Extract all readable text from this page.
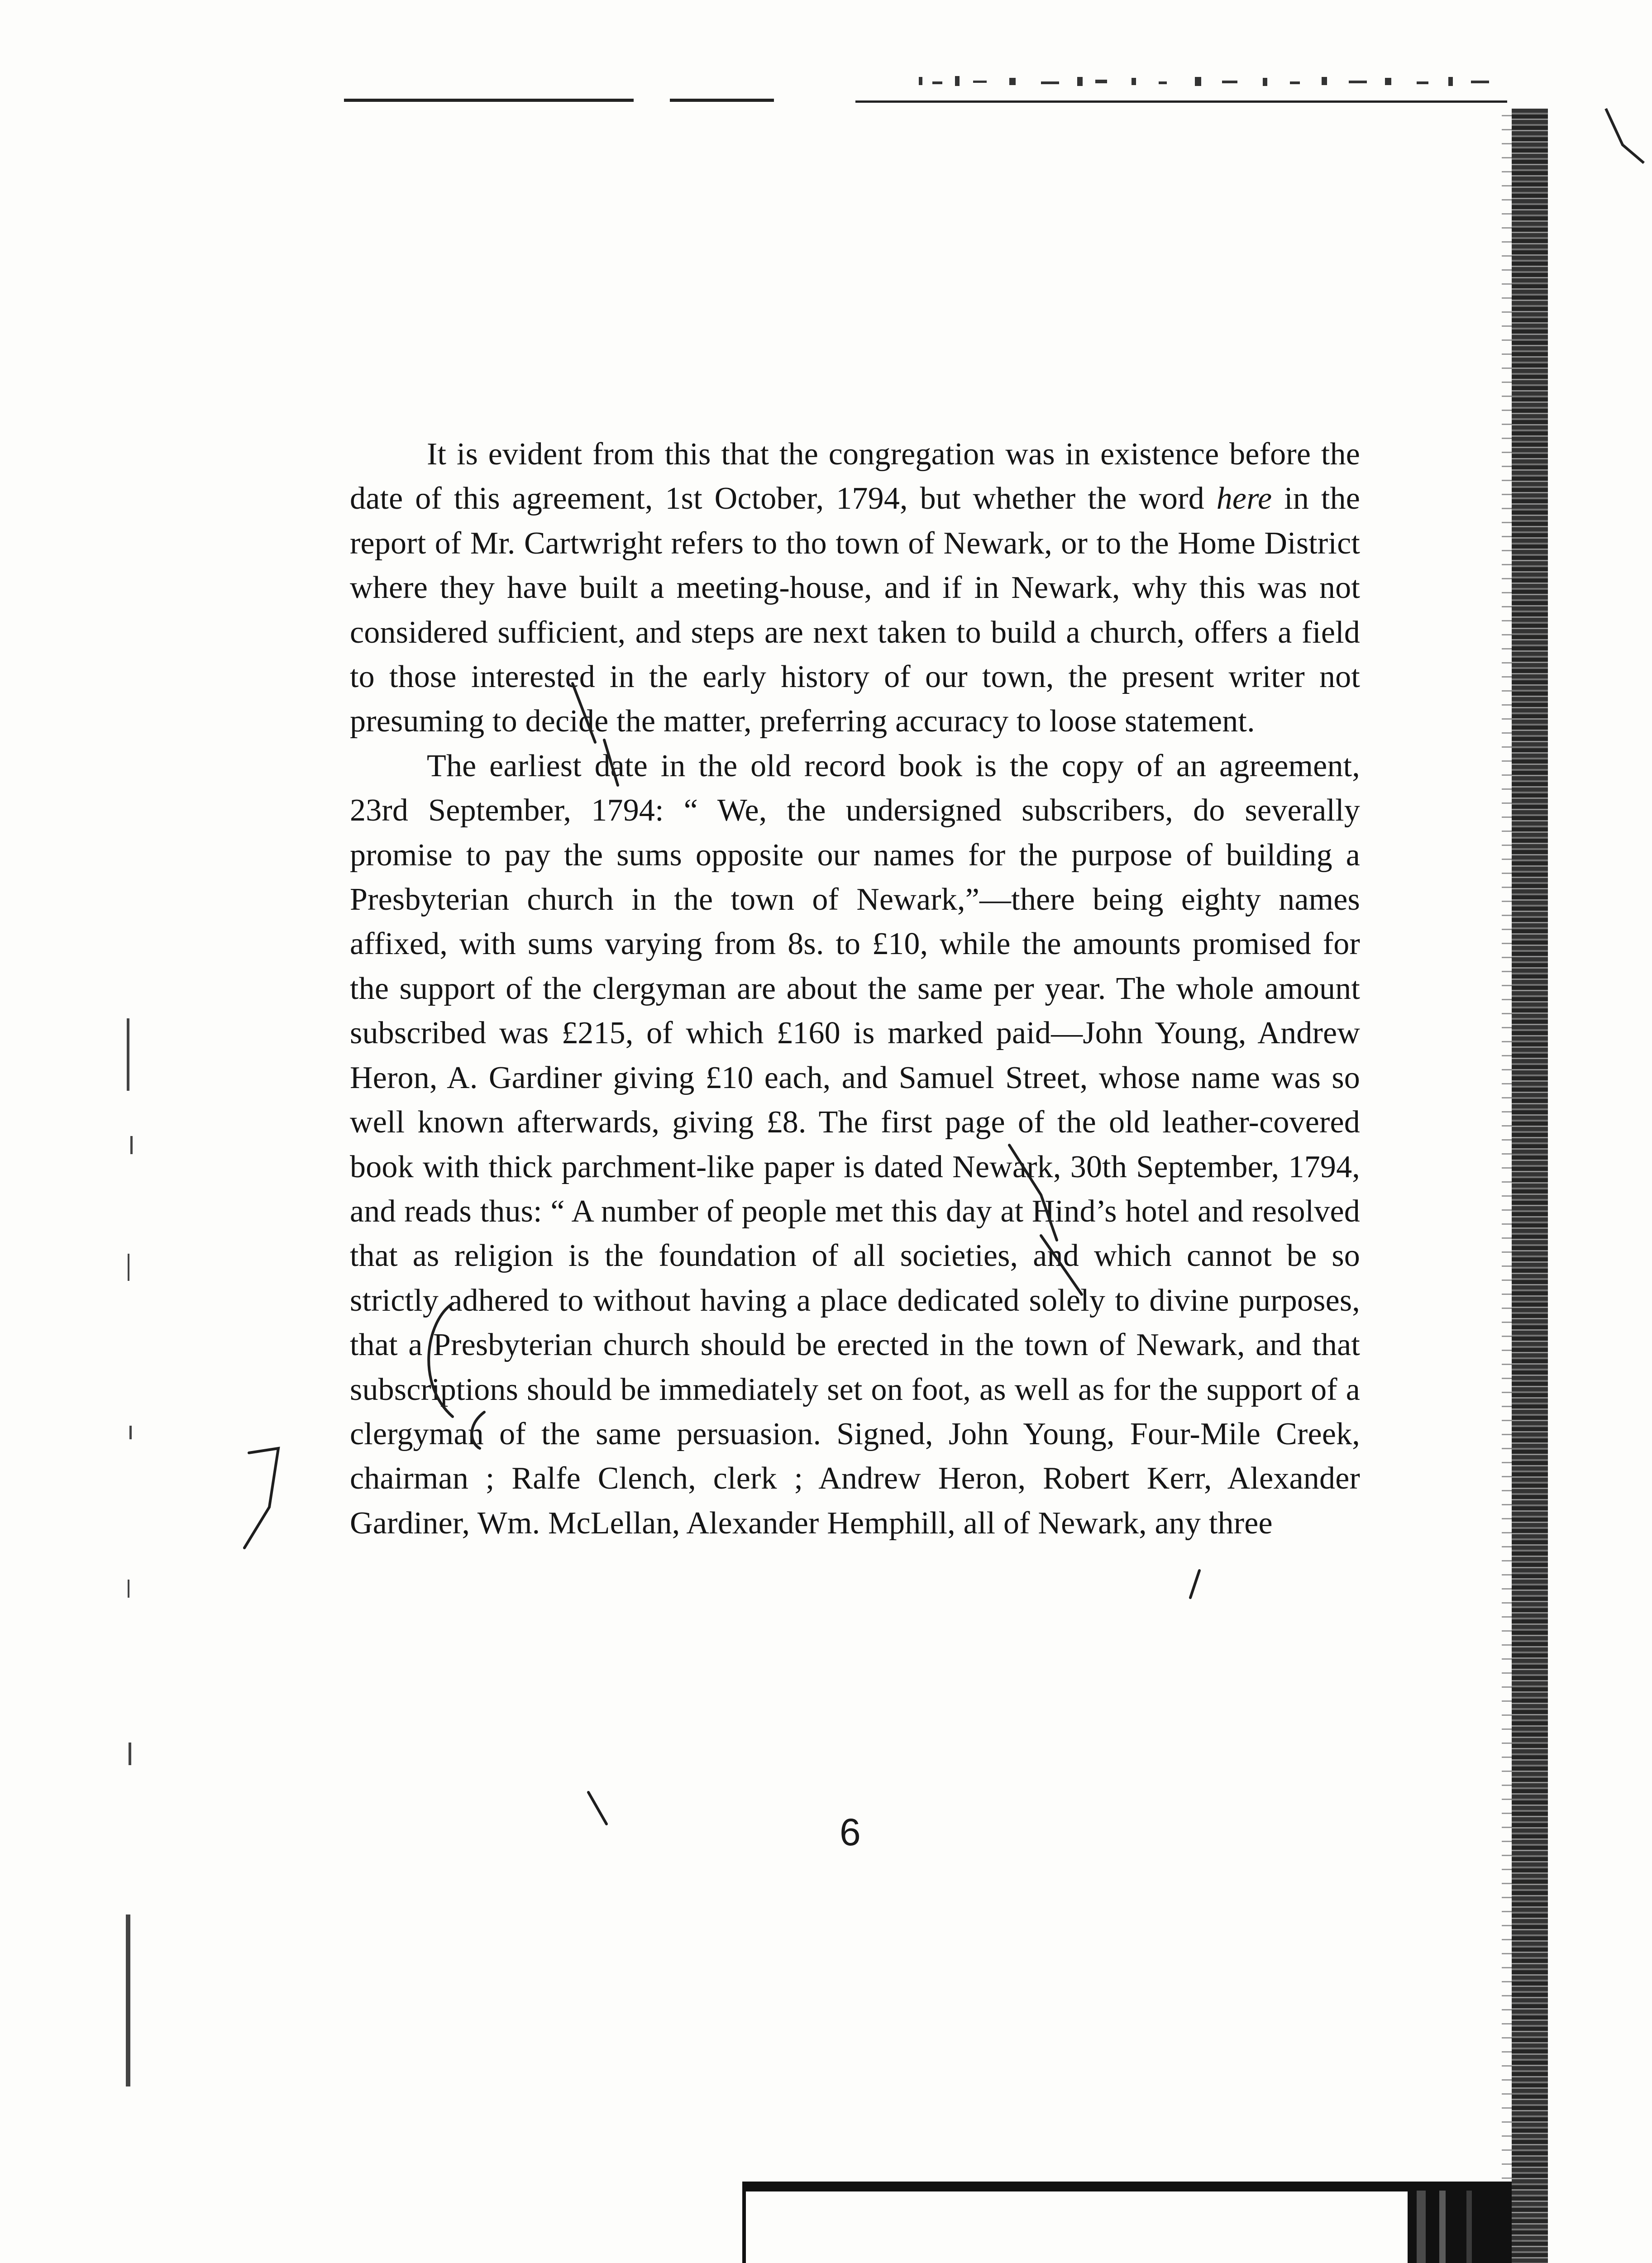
It is evident from this that the congregation was in existence before the date of this agreement, 1st October, 1794, but whether the word here in the report of Mr. Cartwright refers to tho town of Newark, or to the Home District where they have built a meeting-house, and if in Newark, why this was not considered sufficient, and steps are next taken to build a church, offers a field to those interested in the early history of our town, the present writer not presuming to decide the matter, preferring accuracy to loose statement.

The earliest date in the old record book is the copy of an agreement, 23rd September, 1794: “ We, the undersigned subscribers, do severally promise to pay the sums opposite our names for the purpose of building a Presbyterian church in the town of Newark,”—there being eighty names affixed, with sums varying from 8s. to £10, while the amounts promised for the support of the clergyman are about the same per year. The whole amount subscribed was £215, of which £160 is marked paid—John Young, Andrew Heron, A. Gardiner giving £10 each, and Samuel Street, whose name was so well known afterwards, giving £8. The first page of the old leather-covered book with thick parchment-like paper is dated Newark, 30th September, 1794, and reads thus: “ A number of people met this day at Hind’s hotel and resolved that as religion is the foundation of all societies, and which cannot be so strictly adhered to without having a place dedicated solely to divine purposes, that a Presbyterian church should be erected in the town of Newark, and that subscriptions should be immediately set on foot, as well as for the support of a clergyman of the same persuasion. Signed, John Young, Four-Mile Creek, chairman ; Ralfe Clench, clerk ; Andrew Heron, Robert Kerr, Alexander Gardiner, Wm. McLellan, Alexander Hemphill, all of Newark, any three

6
